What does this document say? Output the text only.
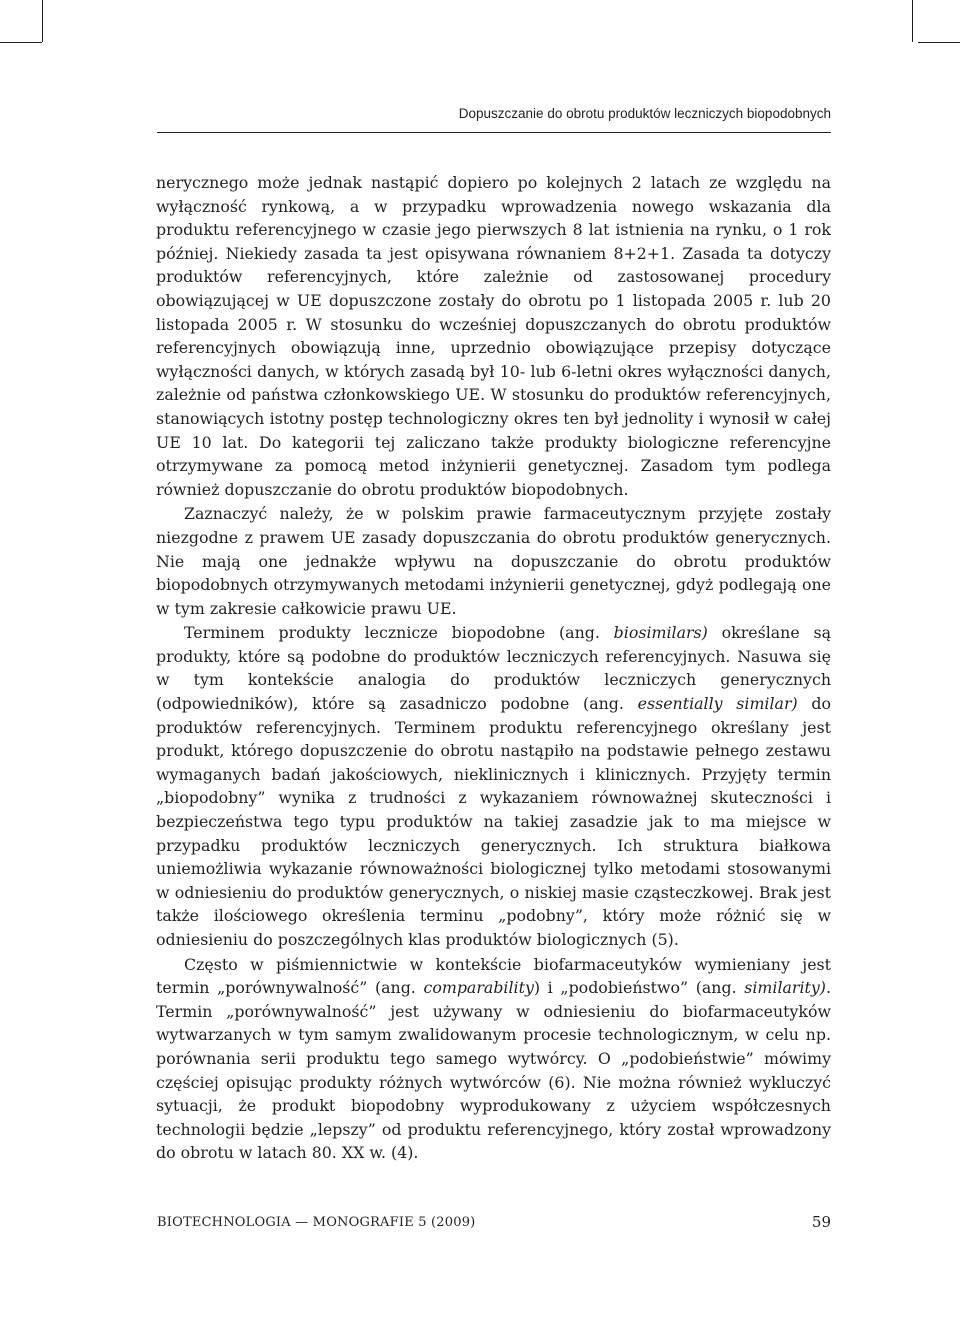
Dopuszczanie do obrotu produktów leczniczych biopodobnych

nerycznego może jednak nastąpić dopiero po kolejnych 2 latach ze względu na wyłączność rynkową, a w przypadku wprowadzenia nowego wskazania dla produktu referencyjnego w czasie jego pierwszych 8 lat istnienia na rynku, o 1 rok później. Niekiedy zasada ta jest opisywana równaniem 8+2+1. Zasada ta dotyczy produktów referencyjnych, które zależnie od zastosowanej procedury obowiązującej w UE dopuszczone zostały do obrotu po 1 listopada 2005 r. lub 20 listopada 2005 r. W stosunku do wcześniej dopuszczanych do obrotu produktów referencyjnych obowiązują inne, uprzednio obowiązujące przepisy dotyczące wyłączności danych, w których zasadą był 10- lub 6-letni okres wyłączności danych, zależnie od państwa członkowskiego UE. W stosunku do produktów referencyjnych, stanowiących istotny postęp technologiczny okres ten był jednolity i wynosił w całej UE 10 lat. Do kategorii tej zaliczano także produkty biologiczne referencyjne otrzymywane za pomocą metod inżynierii genetycznej. Zasadom tym podlega również dopuszczanie do obrotu produktów biopodobnych.

Zaznaczyć należy, że w polskim prawie farmaceutycznym przyjęte zostały niezgodne z prawem UE zasady dopuszczania do obrotu produktów generycznych. Nie mają one jednakże wpływu na dopuszczanie do obrotu produktów biopodobnych otrzymywanych metodami inżynierii genetycznej, gdyż podlegają one w tym zakresie całkowicie prawu UE.

Terminem produkty lecznicze biopodobne (ang. biosimilars) określane są produkty, które są podobne do produktów leczniczych referencyjnych. Nasuwa się w tym kontekście analogia do produktów leczniczych generycznych (odpowiedników), które są zasadniczo podobne (ang. essentially similar) do produktów referencyjnych. Terminem produktu referencyjnego określany jest produkt, którego dopuszczenie do obrotu nastąpiło na podstawie pełnego zestawu wymaganych badań jakościowych, nieklinicznych i klinicznych. Przyjęty termin „biopodobny” wynika z trudności z wykazaniem równoważnej skuteczności i bezpieczeństwa tego typu produktów na takiej zasadzie jak to ma miejsce w przypadku produktów leczniczych generycznych. Ich struktura białkowa uniemożliwia wykazanie równoważności biologicznej tylko metodami stosowanymi w odniesieniu do produktów generycznych, o niskiej masie cząsteczkowej. Brak jest także ilościowego określenia terminu „podobny”, który może różnić się w odniesieniu do poszczególnych klas produktów biologicznych (5).

Często w piśmiennictwie w kontekście biofarmaceutyków wymieniany jest termin „porównywalność” (ang. comparability) i „podobieństwo” (ang. similarity). Termin „porównywalność” jest używany w odniesieniu do biofarmaceutyków wytwarzanych w tym samym zwalidowanym procesie technologicznym, w celu np. porównania serii produktu tego samego wytwórcy. O „podobieństwie” mówimy częściej opisując produkty różnych wytwórców (6). Nie można również wykluczyć sytuacji, że produkt biopodobny wyprodukowany z użyciem współczesnych technologii będzie „lepszy” od produktu referencyjnego, który został wprowadzony do obrotu w latach 80. XX w. (4).

BIOTECHNOLOGIA — MONOGRAFIE 5 (2009)	59
